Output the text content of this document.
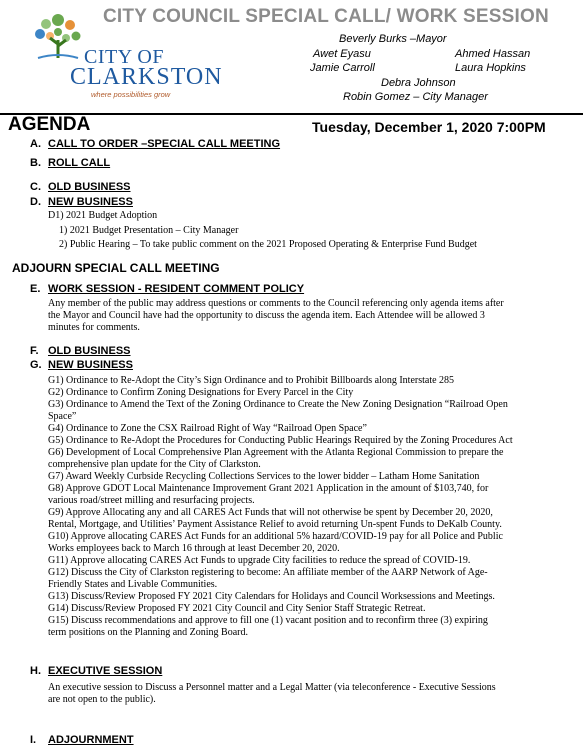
CITY COUNCIL SPECIAL CALL/ WORK SESSION
CITY OF
CLARKSTON
where possibilities grow
Beverly Burks –Mayor
Awet Eyasu	Ahmed Hassan
Jamie Carroll	Laura Hopkins
Debra Johnson
Robin Gomez – City Manager
AGENDA	Tuesday, December 1, 2020 7:00PM
A. CALL TO ORDER –SPECIAL CALL MEETING
B. ROLL CALL
C. OLD BUSINESS
D. NEW BUSINESS
D1) 2021 Budget Adoption
1) 2021 Budget Presentation – City Manager
2) Public Hearing – To take public comment on the 2021 Proposed Operating & Enterprise Fund Budget
ADJOURN SPECIAL CALL MEETING
E. WORK SESSION - RESIDENT COMMENT POLICY
Any member of the public may address questions or comments to the Council referencing only agenda items after
the Mayor and Council have had the opportunity to discuss the agenda item. Each Attendee will be allowed 3
minutes for comments.
F. OLD BUSINESS
G. NEW BUSINESS
G1) Ordinance to Re-Adopt the City’s Sign Ordinance and to Prohibit Billboards along Interstate 285
G2) Ordinance to Confirm Zoning Designations for Every Parcel in the City
G3) Ordinance to Amend the Text of the Zoning Ordinance to Create the New Zoning Designation “Railroad Open
Space”
G4) Ordinance to Zone the CSX Railroad Right of Way “Railroad Open Space”
G5) Ordinance to Re-Adopt the Procedures for Conducting Public Hearings Required by the Zoning Procedures Act
G6) Development of Local Comprehensive Plan Agreement with the Atlanta Regional Commission to prepare the
comprehensive plan update for the City of Clarkston.
G7) Award Weekly Curbside Recycling Collections Services to the lower bidder – Latham Home Sanitation
G8) Approve GDOT Local Maintenance Improvement Grant 2021 Application in the amount of $103,740, for
various road/street milling and resurfacing projects.
G9) Approve Allocating any and all CARES Act Funds that will not otherwise be spent by December 20, 2020,
Rental, Mortgage, and Utilities’ Payment Assistance Relief to avoid returning Un-spent Funds to DeKalb County.
G10) Approve allocating CARES Act Funds for an additional 5% hazard/COVID-19 pay for all Police and Public
Works employees back to March 16 through at least December 20, 2020.
G11) Approve allocating CARES Act Funds to upgrade City facilities to reduce the spread of COVID-19.
G12) Discuss the City of Clarkston registering to become: An affiliate member of the AARP Network of Age-
Friendly States and Livable Communities.
G13) Discuss/Review Proposed FY 2021 City Calendars for Holidays and Council Worksessions and Meetings.
G14) Discuss/Review Proposed FY 2021 City Council and City Senior Staff Strategic Retreat.
G15) Discuss recommendations and approve to fill one (1) vacant position and to reconfirm three (3) expiring
term positions on the Planning and Zoning Board.
H. EXECUTIVE SESSION
An executive session to Discuss a Personnel matter and a Legal Matter (via teleconference - Executive Sessions
are not open to the public).
I. ADJOURNMENT
